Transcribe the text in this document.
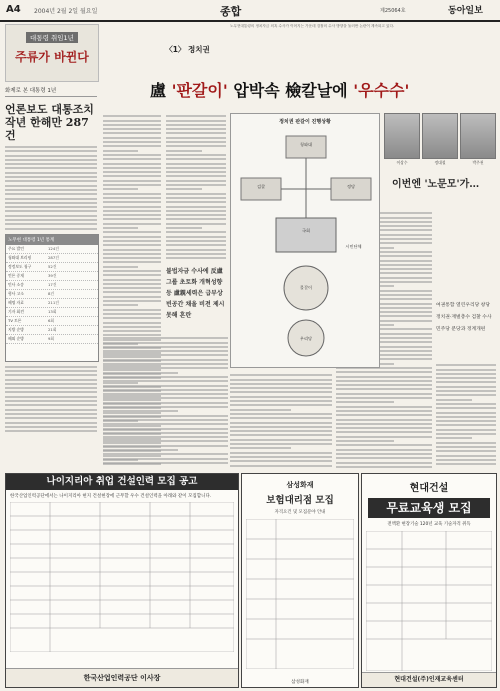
A4 2004년 2월 2일 월요일	종합	제25064호	동아일보
노무현대통령의 정치자금 의혹 수사가 이어지는 가운데 검찰의 수사 방향을 둘러싼 논란이 계속되고 있다.
대통령 취임1년
주류가 바뀐다
화제로 본 대통령 1년
언론보도 대통조치 작년 한해만 287건
노무현 대통령 1년 통계
주요 발언	124건
청와대 브리핑	287건
정정보도 청구	52건
언론 중재	39건
민사 소송	17건
형사 고소	8건
해명 자료	211건
기자 회견	13회
TV 토론	6회
지방 순방	21회
해외 순방	9회
〈1〉 정치권
盧 '판갈이' 압박속 檢칼날에 '우수수'
정치권 판갈이 진행상황
청와대
검찰	정당
국회
시민단체
물갈이
우리당
이상수	정대철	박주천
이번엔 '노문모'가…
불법자금 수사에 反盧그룹 초토화 개혁성향 등 盧親세력은 급부상 빈공간 채울 비전 제시못해 혼란
여권통합 열린우리당 창당
정치권·재벌총수 검찰 수사
민주당 분당과 정계개편
나이지리아 취업 건설인력 모집 공고
한국산업인력공단에서는 나이지리아 현지 건설현장에 근무할 우수 건설인력을 아래와 같이 모집합니다.
한국산업인력공단 이사장
삼성화재
보험대리점 모집
자격요건 및 모집분야 안내
삼성화재
현대건설
무료교육생 모집
전액환 현장기술 120년 교육 기술자격 취득
현대건설(주)인재교육센터
